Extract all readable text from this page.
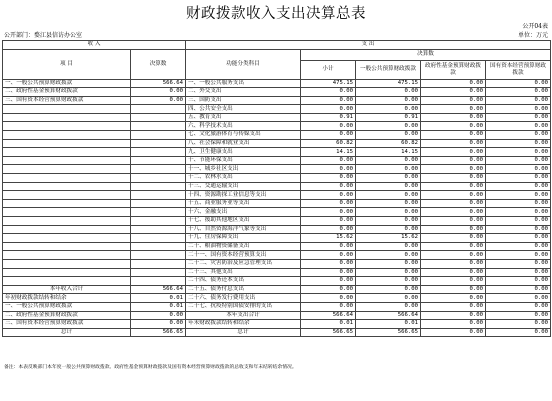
财政拨款收入支出决算总表
公开04表
公开部门：婺江县信访办公室	单位：万元
收 入		支 出				
项 目	决算数	功能分类科目	决算数			
			小计	一般公共预算财政拨款	政府性基金预算财政拨款	国有资本经营预算财政拨款
一、一般公共预算财政拨款	566.64	一、一般公共服务支出	475.15	475.15	0.00	0.00
二、政府性基金预算财政拨款	0.00	二、外交支出	0.00	0.00	0.00	0.00
三、国有资本经营预算财政拨款	0.00	三、国防支出	0.00	0.00	0.00	0.00
		四、公共安全支出	0.00	0.00	0.00	0.00
		五、教育支出	0.91	0.91	0.00	0.00
		六、科学技术支出	0.00	0.00	0.00	0.00
		七、文化旅游体育与传媒支出	0.00	0.00	0.00	0.00
		八、社会保障和就业支出	60.82	60.82	0.00	0.00
		九、卫生健康支出	14.15	14.15	0.00	0.00
		十、节能环保支出	0.00	0.00	0.00	0.00
		十一、城乡社区支出	0.00	0.00	0.00	0.00
		十二、农林水支出	0.00	0.00	0.00	0.00
		十三、交通运输支出	0.00	0.00	0.00	0.00
		十四、资源勘探工业信息等支出	0.00	0.00	0.00	0.00
		十五、商业服务业等支出	0.00	0.00	0.00	0.00
		十六、金融支出	0.00	0.00	0.00	0.00
		十七、援助其他地区支出	0.00	0.00	0.00	0.00
		十八、自然资源海洋气象等支出	0.00	0.00	0.00	0.00
		十九、住房保障支出	15.62	15.62	0.00	0.00
		二十、粮油物资储备支出	0.00	0.00	0.00	0.00
		二十一、国有资本经营预算支出	0.00	0.00	0.00	0.00
		二十二、灾害防治及应急管理支出	0.00	0.00	0.00	0.00
		二十三、其他支出	0.00	0.00	0.00	0.00
		二十四、债务还本支出	0.00	0.00	0.00	0.00
本年收入合计	566.64	二十五、债务付息支出	0.00	0.00	0.00	0.00
年初财政拨款结转和结余	0.01	二十六、债务发行费用支出	0.00	0.00	0.00	0.00
一、一般公共预算财政拨款	0.01	二十七、抗疫特别国债安排的支出	0.00	0.00	0.00	0.00
二、政府性基金预算财政拨款	0.00	本年支出合计	566.64	566.64	0.00	0.00
三、国有资本经营预算财政拨款	0.00	年末财政拨款结转和结余	0.01	0.01	0.00	0.00
总计	566.65	总计	566.65	566.65	0.00	0.00
备注：本表反映部门本年度一般公共预算财政拨款、政府性基金预算财政拨款及国有资本经营预算财政拨款的总收支和年末结转结余情况。
